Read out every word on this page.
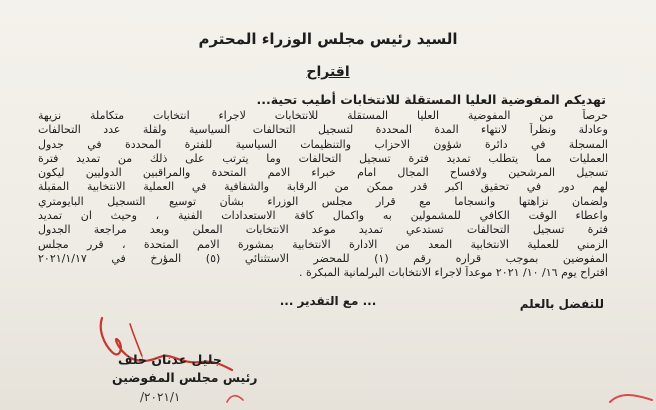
السيد رئيس مجلس الوزراء المحترم
اقتراح
تهديكم المفوضية العليا المستقلة للانتخابات أطيب تحية...
حرصاً من المفوضية العليا المستقلة للانتخابات لاجراء انتخابات متكاملة نزيهة
وعادلة ونظراً لانتهاء المدة المحددة لتسجيل التحالفات السياسية ولقلة عدد التحالفات
المسجلة في دائرة شؤون الاحزاب والتنظيمات السياسية للفترة المحددة في جدول
العمليات مما يتطلب تمديد فترة تسجيل التحالفات وما يترتب على ذلك من تمديد فترة
تسجيل المرشحين ولافساح المجال امام خبراء الامم المتحدة والمراقبين الدوليين ليكون
لهم دور في تحقيق اكبر قدر ممكن من الرقابة والشفافية في العملية الانتخابية المقبلة
ولضمان نزاهتها وانسجاما مع قرار مجلس الوزراء بشأن توسيع التسجيل البايومتري
واعطاء الوقت الكافي للمشمولين به واكمال كافة الاستعدادات الفنية ، وحيث ان تمديد
فترة تسجيل التحالفات تستدعي تمديد موعد الانتخابات المعلن وبعد مراجعة الجدول
الزمني للعملية الانتخابية المعد من الادارة الانتخابية بمشورة الامم المتحدة ، قرر مجلس
المفوضين بموجب قراره رقم (١) للمحضر الاستثنائي (٥) المؤرخ في ٢٠٢١/١/١٧
اقتراح يوم ١٦/ ١٠/ ٢٠٢١ موعداً لاجراء الانتخابات البرلمانية المبكرة .
... مع التقدير ...	للتفضل بالعلم
جليل عدنان خلف
رئيس مجلس المفوضين
٢٠٢١/١/
